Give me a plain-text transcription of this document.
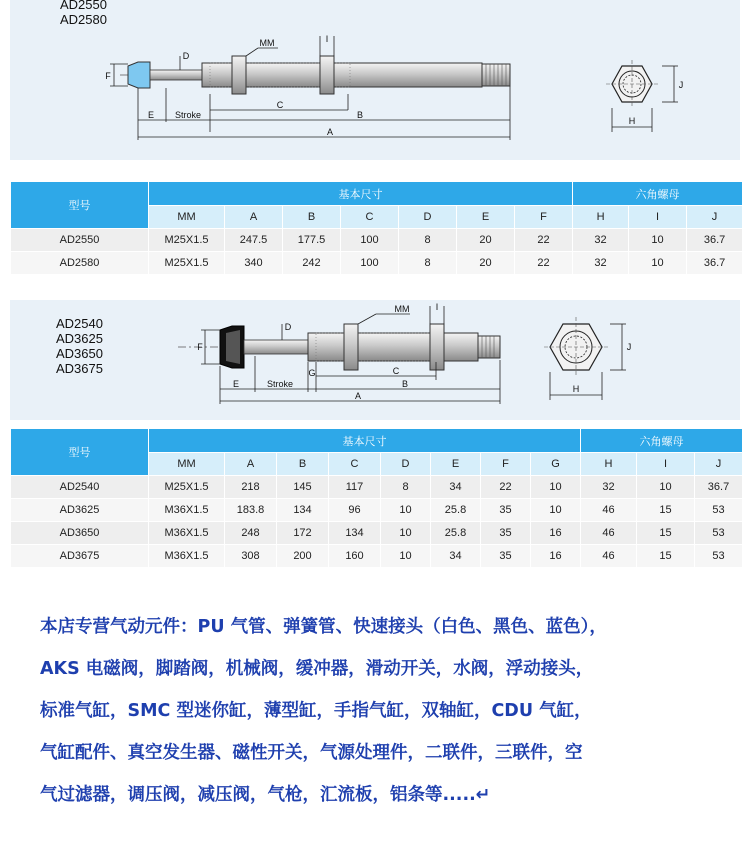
AD2550
AD2580
F
D
MM	I
C
E Stroke	B
A
J
H
型号	基本尺寸							六角螺母		
	MM	A	B	C	D	E	F	H	I	J
AD2550	M25X1.5	247.5	177.5	100	8	20	22	32	10	36.7
AD2580	M25X1.5	340	242	100	8	20	22	32	10	36.7
AD2540
AD3625
AD3650
AD3675
F
D
MM	I
C
E	Stroke
G
B
A
J
H
型号	基本尺寸								六角螺母		
	MM	A	B	C	D	E	F	G	H	I	J
AD2540	M25X1.5	218	145	117	8	34	22	10	32	10	36.7
AD3625	M36X1.5	183.8	134	96	10	25.8	35	10	46	15	53
AD3650	M36X1.5	248	172	134	10	25.8	35	16	46	15	53
AD3675	M36X1.5	308	200	160	10	34	35	16	46	15	53
本店专营气动元件：PU 气管、弹簧管、快速接头（白色、黑色、蓝色），
AKS 电磁阀，脚踏阀，机械阀，缓冲器，滑动开关，水阀，浮动接头，
标准气缸，SMC 型迷你缸，薄型缸，手指气缸，双轴缸，CDU 气缸，
气缸配件、真空发生器、磁性开关，气源处理件，二联件，三联件，空
气过滤器，调压阀，减压阀，气枪，汇流板，铝条等.....↵
